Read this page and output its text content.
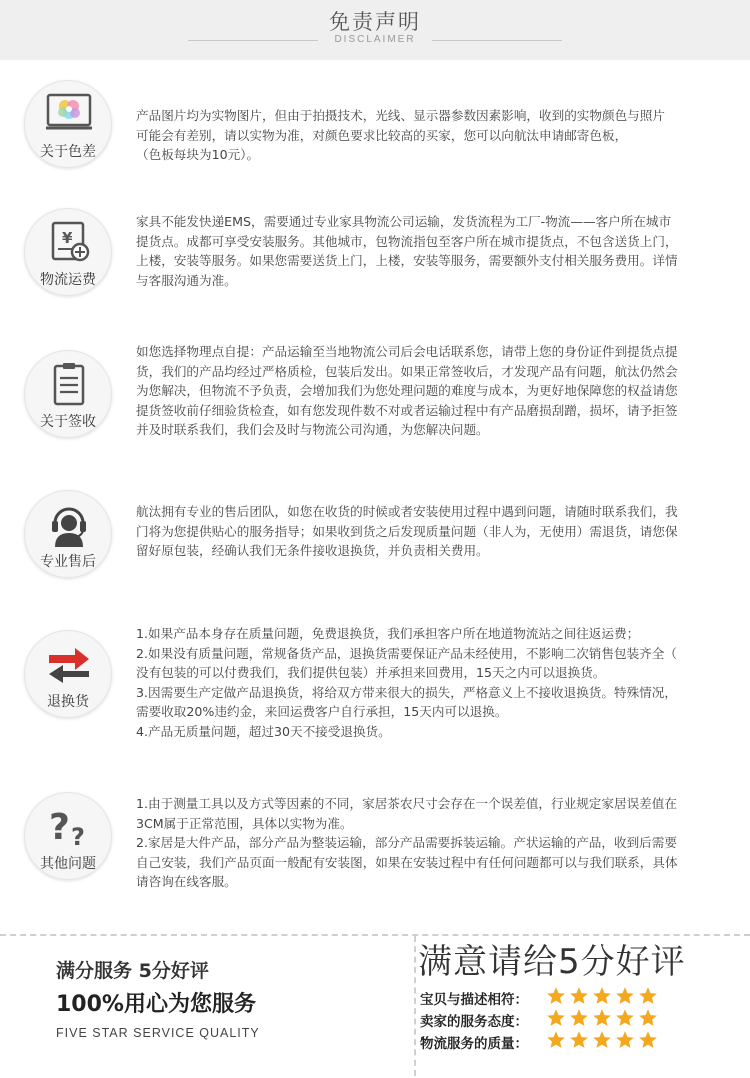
免责声明
DISCLAIMER
关于色差

产品图片均为实物图片，但由于拍摄技术，光线、显示器参数因素影响，收到的实物颜色与照片

可能会有差别，请以实物为准，对颜色要求比较高的买家，您可以向航汰申请邮寄色板，

（色板每块为10元）。

¥
物流运费

家具不能发快递EMS，需要通过专业家具物流公司运输，发货流程为工厂-物流——客户所在城市

提货点。成都可享受安装服务。其他城市，包物流指包至客户所在城市提货点，不包含送货上门，

上楼，安装等服务。如果您需要送货上门，上楼，安装等服务，需要额外支付相关服务费用。详情

与客服沟通为准。

关于签收

如您选择物理点自提：产品运输至当地物流公司后会电话联系您，请带上您的身份证件到提货点提

货，我们的产品均经过严格质检，包装后发出。如果正常签收后，才发现产品有问题，航汰仍然会

为您解决，但物流不予负责，会增加我们为您处理问题的难度与成本，为更好地保障您的权益请您

提货签收前仔细验货检查，如有您发现件数不对或者运输过程中有产品磨损刮蹭，损坏，请予拒签

并及时联系我们，我们会及时与物流公司沟通，为您解决问题。

专业售后

航汰拥有专业的售后团队，如您在收货的时候或者安装使用过程中遇到问题，请随时联系我们，我

门将为您提供贴心的服务指导；如果收到货之后发现质量问题（非人为，无使用）需退货，请您保

留好原包装，经确认我们无条件接收退换货，并负责相关费用。

退换货

1.如果产品本身存在质量问题，免费退换货，我们承担客户所在地道物流站之间往返运费；

2.如果没有质量问题，常规备货产品，退换货需要保证产品未经使用，不影响二次销售包装齐全（

没有包装的可以付费我们，我们提供包装）并承担来回费用，15天之内可以退换货。

3.因需要生产定做产品退换货，将给双方带来很大的损失，严格意义上不接收退换货。特殊情况，

需要收取20%违约金，来回运费客户自行承担，15天内可以退换。

4.产品无质量问题，超过30天不接受退换货。

? ?
其他问题

1.由于测量工具以及方式等因素的不同，家居茶农尺寸会存在一个误差值，行业规定家居误差值在

3CM属于正常范围，具体以实物为准。

2.家居是大件产品，部分产品为整装运输，部分产品需要拆装运输。产状运输的产品，收到后需要

自己安装，我们产品页面一般配有安装图，如果在安装过程中有任何问题都可以与我们联系，具体

请咨询在线客服。

满分服务 5分好评
100%用心为您服务
FIVE STAR SERVICE QUALITY
满意请给5分好评
宝贝与描述相符：
卖家的服务态度：
物流服务的质量：
